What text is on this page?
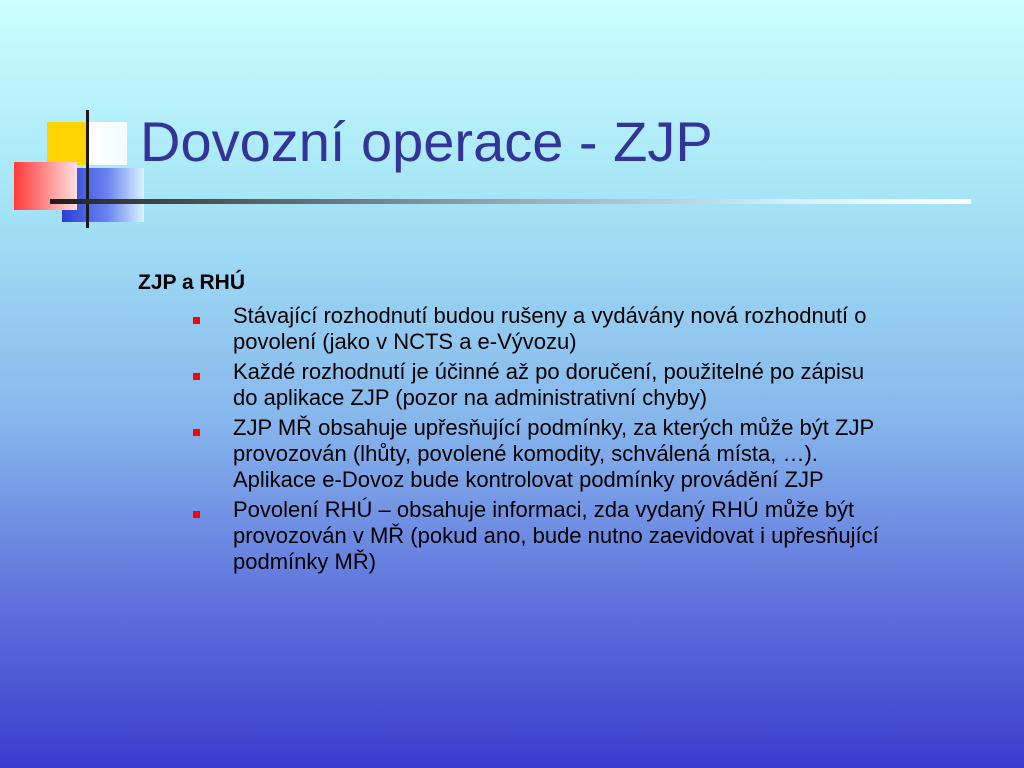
Dovozní operace - ZJP
ZJP a RHÚ
Stávající rozhodnutí budou rušeny a vydávány nová rozhodnutí o
povolení (jako v NCTS a e-Vývozu)
Každé rozhodnutí je účinné až po doručení, použitelné po zápisu
do aplikace ZJP (pozor na administrativní chyby)
ZJP MŘ obsahuje upřesňující podmínky, za kterých může být ZJP
provozován (lhůty, povolené komodity, schválená místa, …).
Aplikace e-Dovoz bude kontrolovat podmínky provádění ZJP
Povolení RHÚ – obsahuje informaci, zda vydaný RHÚ může být
provozován v MŘ (pokud ano, bude nutno zaevidovat i upřesňující
podmínky MŘ)
